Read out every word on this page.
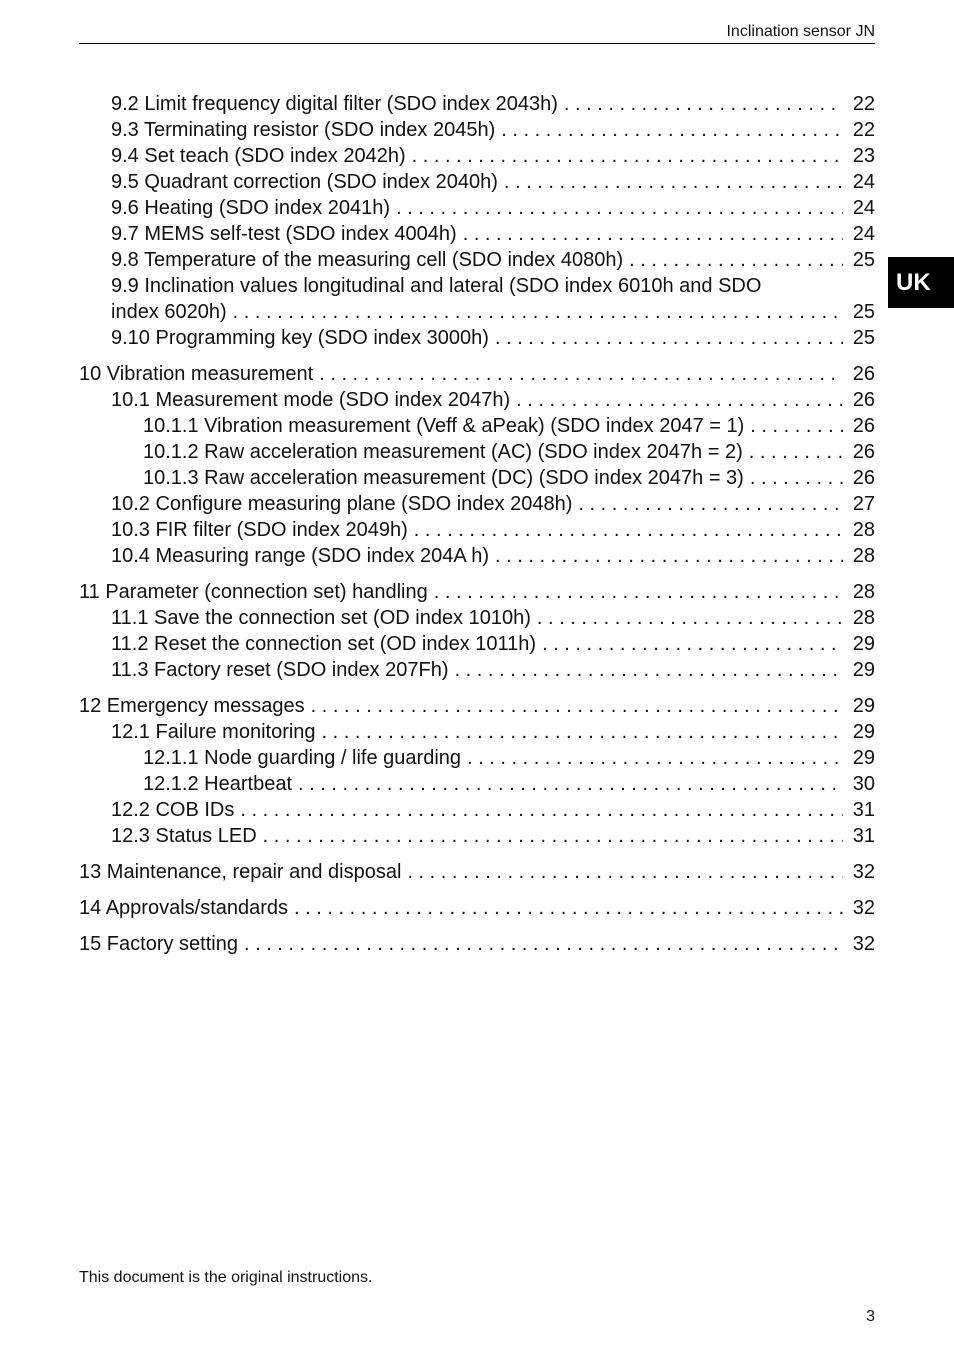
Inclination sensor JN
UK
9.2 Limit frequency digital filter (SDO index 2043h) . . .	22
9.3 Terminating resistor (SDO index 2045h) . . .	22
9.4 Set teach (SDO index 2042h) . . .	23
9.5 Quadrant correction (SDO index 2040h) . . .	24
9.6 Heating (SDO index 2041h) . . .	24
9.7 MEMS self-test (SDO index 4004h) . . .	24
9.8 Temperature of the measuring cell (SDO index 4080h) . . .	25
9.9 Inclination values longitudinal and lateral (SDO index 6010h and SDO
index 6020h) . . .	25
9.10 Programming key (SDO index 3000h) . . .	25
10 Vibration measurement . . .	26
10.1 Measurement mode (SDO index 2047h) . . .	26
10.1.1 Vibration measurement (Veff & aPeak) (SDO index 2047 = 1) . . .	26
10.1.2 Raw acceleration measurement (AC) (SDO index 2047h = 2) . . .	26
10.1.3 Raw acceleration measurement (DC) (SDO index 2047h = 3) . . .	26
10.2 Configure measuring plane (SDO index 2048h) . . .	27
10.3 FIR filter (SDO index 2049h) . . .	28
10.4 Measuring range (SDO index 204A h) . . .	28
11 Parameter (connection set) handling . . .	28
11.1 Save the connection set (OD index 1010h) . . .	28
11.2 Reset the connection set (OD index 1011h) . . .	29
11.3 Factory reset (SDO index 207Fh) . . .	29
12 Emergency messages . . .	29
12.1 Failure monitoring . . .	29
12.1.1 Node guarding / life guarding . . .	29
12.1.2 Heartbeat . . .	30
12.2 COB IDs . . .	31
12.3 Status LED . . .	31
13 Maintenance, repair and disposal . . .	32
14 Approvals/standards . . .	32
15 Factory setting . . .	32
This document is the original instructions.
3
